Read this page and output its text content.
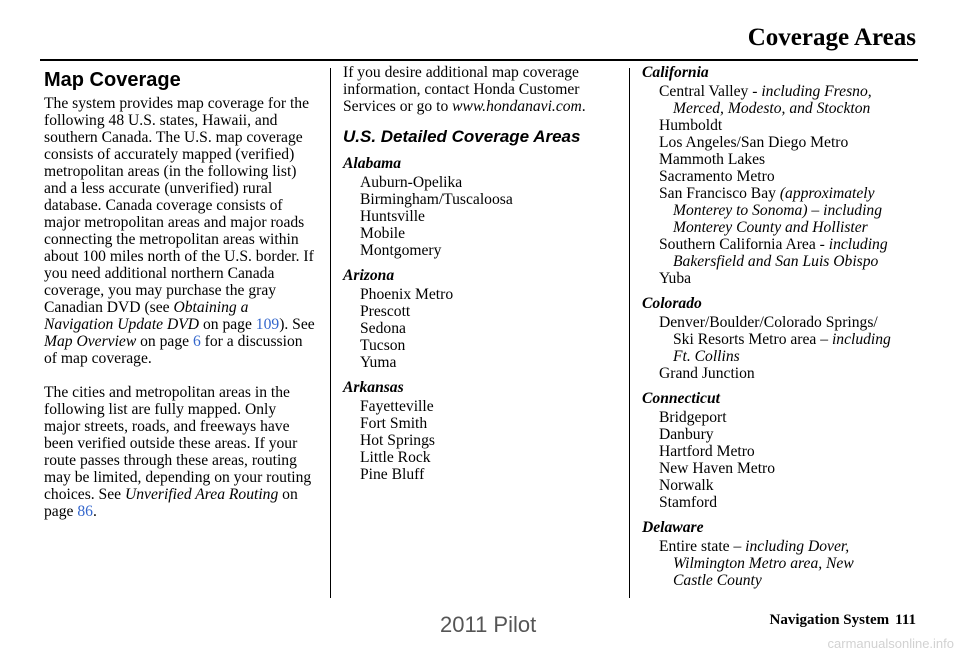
Coverage Areas
Map Coverage

The system provides map coverage for the following 48 U.S. states, Hawaii, and southern Canada. The U.S. map coverage consists of accurately mapped (verified) metropolitan areas (in the following list) and a less accurate (unverified) rural database. Canada coverage consists of major metropolitan areas and major roads connecting the metropolitan areas within about 100 miles north of the U.S. border. If you need additional northern Canada coverage, you may purchase the gray Canadian DVD (see Obtaining a Navigation Update DVD on page 109). See Map Overview on page 6 for a discussion of map coverage.

The cities and metropolitan areas in the following list are fully mapped. Only major streets, roads, and freeways have been verified outside these areas. If your route passes through these areas, routing may be limited, depending on your routing choices. See Unverified Area Routing on page 86.

If you desire additional map coverage information, contact Honda Customer Services or go to www.hondanavi.com.

U.S. Detailed Coverage Areas
Alabama
Auburn-Opelika
Birmingham/Tuscaloosa
Huntsville
Mobile
Montgomery
Arizona
Phoenix Metro
Prescott
Sedona
Tucson
Yuma
Arkansas
Fayetteville
Fort Smith
Hot Springs
Little Rock
Pine Bluff
California
Central Valley - including Fresno,
Merced, Modesto, and Stockton
Humboldt
Los Angeles/San Diego Metro
Mammoth Lakes
Sacramento Metro
San Francisco Bay (approximately
Monterey to Sonoma) – including
Monterey County and Hollister
Southern California Area - including
Bakersfield and San Luis Obispo
Yuba
Colorado
Denver/Boulder/Colorado Springs/
Ski Resorts Metro area – including
Ft. Collins
Grand Junction
Connecticut
Bridgeport
Danbury
Hartford Metro
New Haven Metro
Norwalk
Stamford
Delaware
Entire state – including Dover,
Wilmington Metro area, New
Castle County
2011 Pilot	Navigation System 111
carmanualsonline.info
